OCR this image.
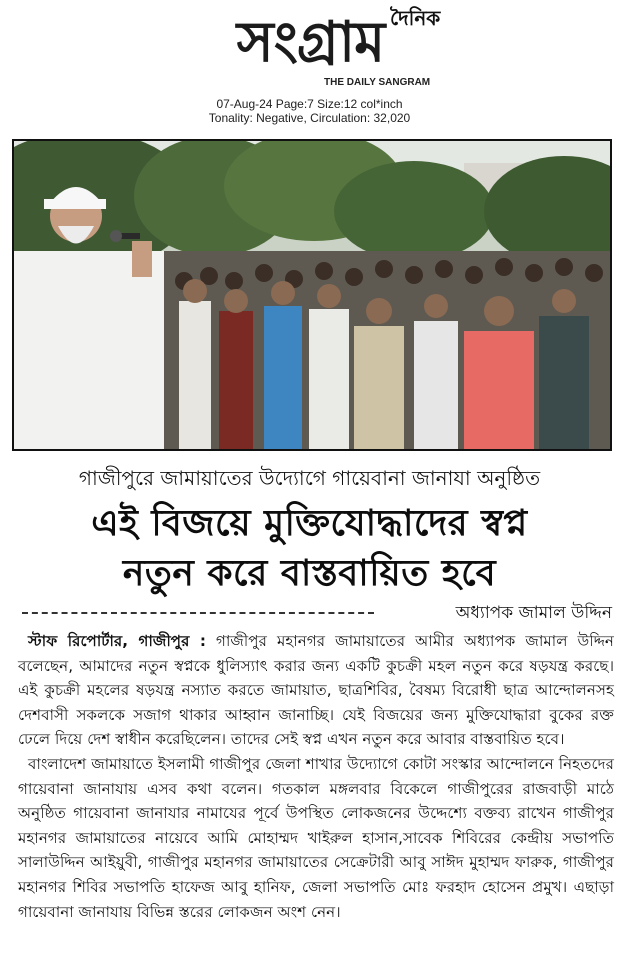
দৈনিক
সংগ্রাম
THE DAILY SANGRAM
07-Aug-24 Page:7 Size:12 col*inch
Tonality: Negative, Circulation: 32,020
গাজীপুরে জামায়াতের উদ্যোগে গায়েবানা জানাযা অনুষ্ঠিত
এই বিজয়ে মুক্তিযোদ্ধাদের স্বপ্ন
নতুন করে বাস্তবায়িত হবে
অধ্যাপক জামাল উদ্দিন

স্টাফ রিপোর্টার, গাজীপুর : গাজীপুর মহানগর জামায়াতের আমীর অধ্যাপক জামাল উদ্দিন বলেছেন, আমাদের নতুন স্বপ্নকে ধুলিস্যাৎ করার জন্য একটি কুচক্রী মহল নতুন করে ষড়যন্ত্র করছে। এই কুচক্রী মহলের ষড়যন্ত্র নস্যাত করতে জামায়াত, ছাত্রশিবির, বৈষম্য বিরোধী ছাত্র আন্দোলনসহ দেশবাসী সকলকে সজাগ থাকার আহ্বান জানাচ্ছি। যেই বিজয়ের জন্য মুক্তিযোদ্ধারা বুকের রক্ত ঢেলে দিয়ে দেশ স্বাধীন করেছিলেন। তাদের সেই স্বপ্ন এখন নতুন করে আবার বাস্তবায়িত হবে।

বাংলাদেশ জামায়াতে ইসলামী গাজীপুর জেলা শাখার উদ্যোগে কোটা সংস্কার আন্দোলনে নিহতদের গায়েবানা জানাযায় এসব কথা বলেন। গতকাল মঙ্গলবার বিকেলে গাজীপুরের রাজবাড়ী মাঠে অনুষ্ঠিত গায়েবানা জানাযার নামাযের পূর্বে উপস্থিত লোকজনের উদ্দেশ্যে বক্তব্য রাখেন গাজীপুর মহানগর জামায়াতের নায়েবে আমি মোহাম্মদ খাইরুল হাসান,সাবেক শিবিরের কেন্দ্রীয় সভাপতি সালাউদ্দিন আইয়ুবী, গাজীপুর মহানগর জামায়াতের সেক্রেটারী আবু সাঈদ মুহাম্মদ ফারুক, গাজীপুর মহানগর শিবির সভাপতি হাফেজ আবু হানিফ, জেলা সভাপতি মোঃ ফরহাদ হোসেন প্রমুখ। এছাড়া গায়েবানা জানাযায় বিভিন্ন স্তরের লোকজন অংশ নেন।
